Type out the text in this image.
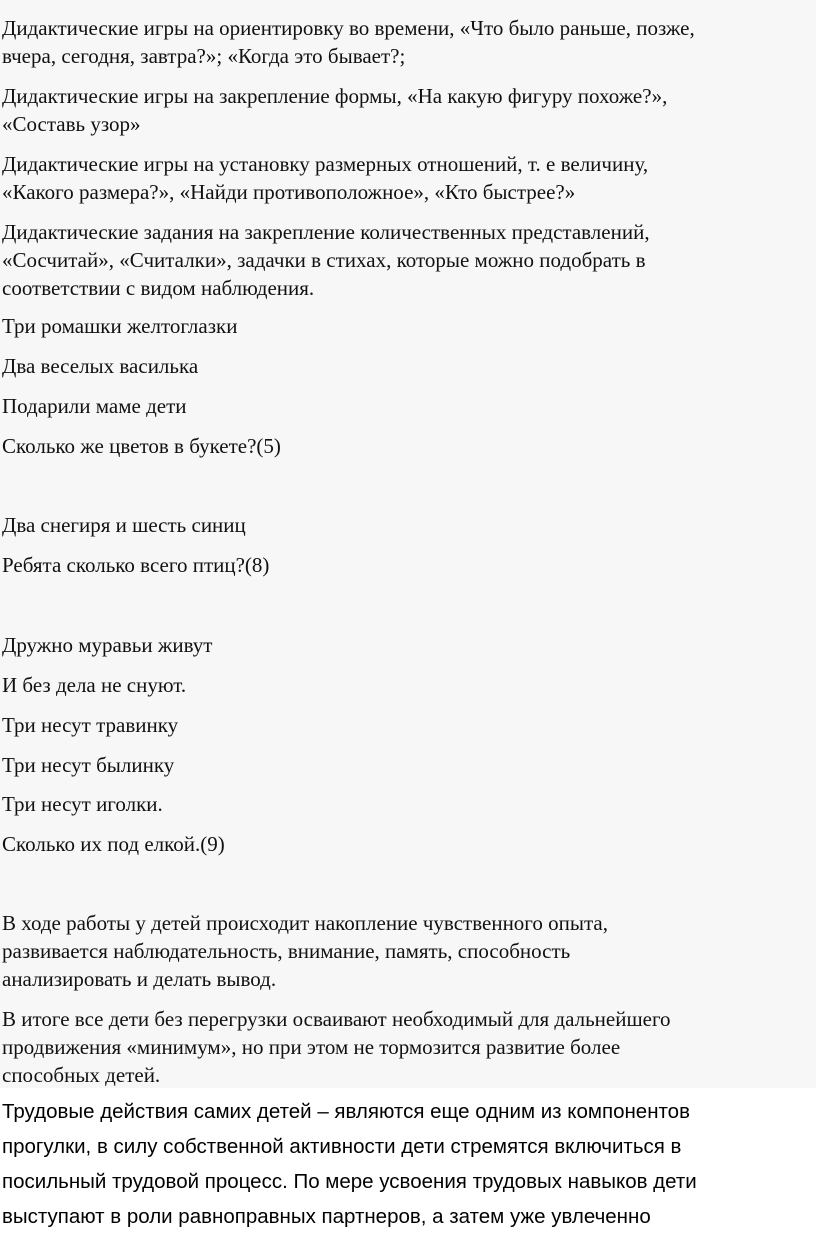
Дидактические игры на ориентировку во времени, «Что было раньше, позже,
вчера, сегодня, завтра?»; «Когда это бывает?;

Дидактические игры на закрепление формы, «На какую фигуру похоже?»,
«Составь узор»

Дидактические игры на установку размерных отношений, т. е величину,
«Какого размера?», «Найди противоположное», «Кто быстрее?»

Дидактические задания на закрепление количественных представлений,
«Сосчитай», «Считалки», задачки в стихах, которые можно подобрать в
соответствии с видом наблюдения.

Три ромашки желтоглазки

Два веселых василька

Подарили маме дети

Сколько же цветов в букете?(5)

Два снегиря и шесть синиц

Ребята сколько всего птиц?(8)

Дружно муравьи живут

И без дела не снуют.

Три несут травинку

Три несут былинку

Три несут иголки.

Сколько их под елкой.(9)

В ходе работы у детей происходит накопление чувственного опыта,
развивается наблюдательность, внимание, память, способность
анализировать и делать вывод.

В итоге все дети без перегрузки осваивают необходимый для дальнейшего
продвижения «минимум», но при этом не тормозится развитие более
способных детей.

Трудовые действия самих детей – являются еще одним из компонентов
прогулки, в силу собственной активности дети стремятся включиться в
посильный трудовой процесс. По мере усвоения трудовых навыков дети
выступают в роли равноправных партнеров, а затем уже увлеченно
